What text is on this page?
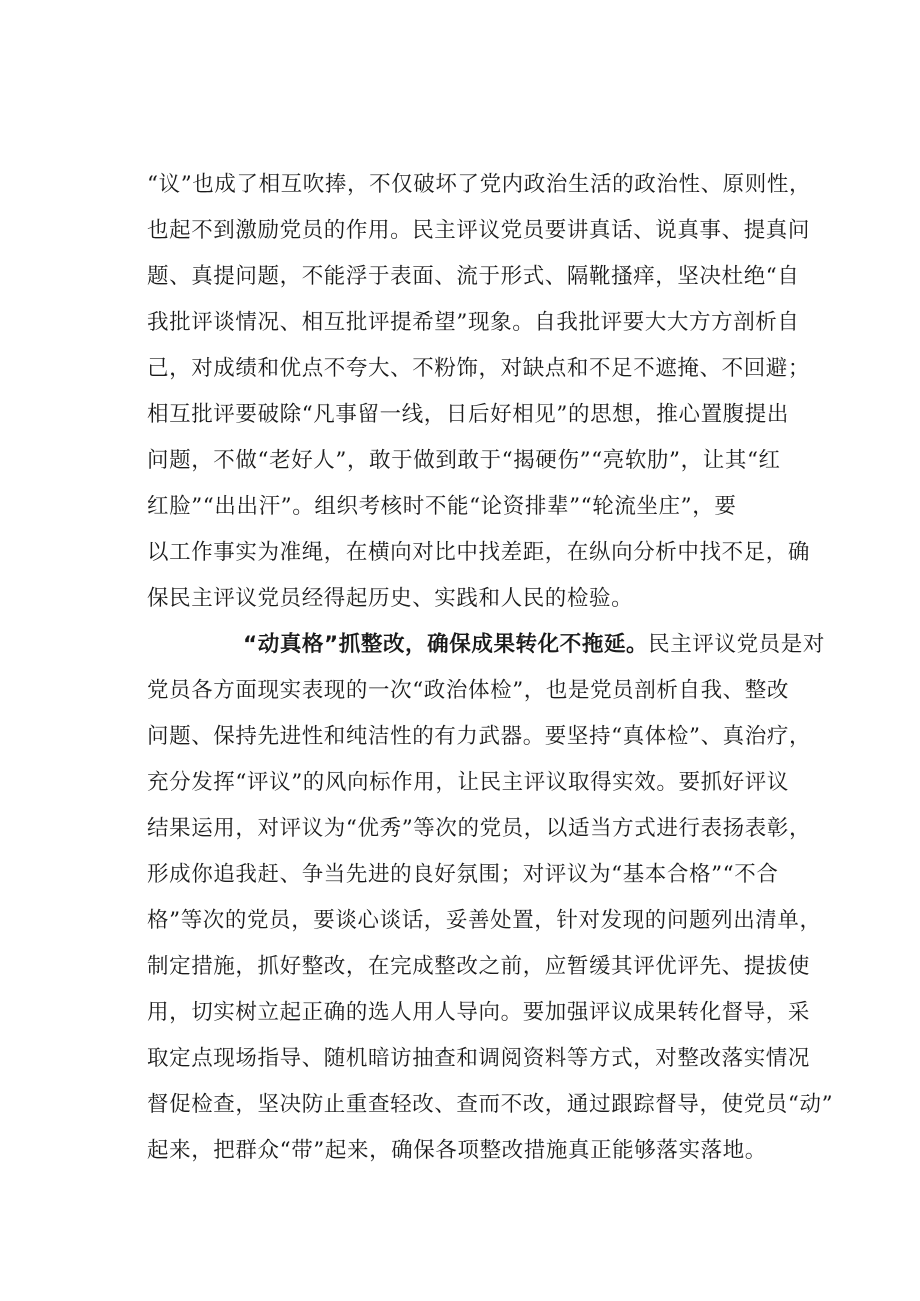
“议”也成了相互吹捧，不仅破坏了党内政治生活的政治性、原则性，
也起不到激励党员的作用。民主评议党员要讲真话、说真事、提真问
题、真提问题，不能浮于表面、流于形式、隔靴搔痒，坚决杜绝“自
我批评谈情况、相互批评提希望”现象。自我批评要大大方方剖析自
己，对成绩和优点不夸大、不粉饰，对缺点和不足不遮掩、不回避；
相互批评要破除“凡事留一线，日后好相见”的思想，推心置腹提出
问题，不做“老好人”，敢于做到敢于“揭硬伤”“亮软肋”，让其“红
红脸”“出出汗”。组织考核时不能“论资排辈”“轮流坐庄”，要
以工作事实为准绳，在横向对比中找差距，在纵向分析中找不足，确
保民主评议党员经得起历史、实践和人民的检验。
“动真格”抓整改，确保成果转化不拖延。民主评议党员是对
党员各方面现实表现的一次“政治体检”，也是党员剖析自我、整改
问题、保持先进性和纯洁性的有力武器。要坚持“真体检”、真治疗，
充分发挥“评议”的风向标作用，让民主评议取得实效。要抓好评议
结果运用，对评议为“优秀”等次的党员，以适当方式进行表扬表彰，
形成你追我赶、争当先进的良好氛围；对评议为“基本合格”“不合
格”等次的党员，要谈心谈话，妥善处置，针对发现的问题列出清单，
制定措施，抓好整改，在完成整改之前，应暂缓其评优评先、提拔使
用，切实树立起正确的选人用人导向。要加强评议成果转化督导，采
取定点现场指导、随机暗访抽查和调阅资料等方式，对整改落实情况
督促检查，坚决防止重查轻改、查而不改，通过跟踪督导，使党员“动”
起来，把群众“带”起来，确保各项整改措施真正能够落实落地。
